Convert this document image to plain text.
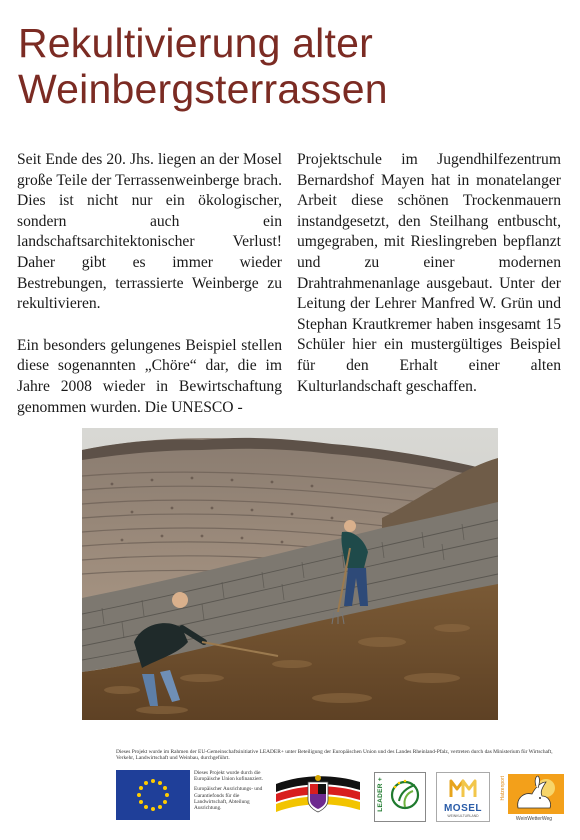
Rekultivierung alter
Weinbergsterrassen

Seit Ende des 20. Jhs. liegen an der Mosel große Teile der Terrassenweinberge brach. Dies ist nicht nur ein ökologischer, sondern auch ein landschaftsarchitektonischer Verlust! Daher gibt es immer wieder Bestrebungen, terrassierte Weinberge zu rekultivieren.

Ein besonders gelungenes Beispiel stellen diese sogenannten „Chöre“ dar, die im Jahre 2008 wieder in Bewirtschaftung genommen wurden. Die UNESCO -

Projektschule im Jugendhilfezentrum Bernardshof Mayen hat in monatelanger Arbeit diese schönen Trockenmauern instandgesetzt, den Steilhang entbuscht, umgegraben, mit Rieslingreben bepflanzt und zu einer modernen Drahtrahmenanlage ausgebaut. Unter der Leitung der Lehrer Manfred W. Grün und Stephan Krautkremer haben insgesamt 15 Schüler hier ein mustergültiges Beispiel für den Erhalt einer alten Kulturlandschaft geschaffen.

Dieses Projekt wurde im Rahmen der EU-Gemeinschaftsinitiative LEADER+ unter Beteiligung der Europäischen Union und des Landes Rheinland-Pfalz, vertreten durch das Ministerium für Wirtschaft, Verkehr, Landwirtschaft und Weinbau, durchgeführt.

Dieses Projekt wurde durch die Europäische Union kofinanziert.

Europäischer Ausrichtungs- und Garantiefonds für die Landwirtschaft, Abteilung Ausrichtung.	LEADER +	MOSEL
WEINKULTURLAND
Hatzenport
WeinWetterWeg
